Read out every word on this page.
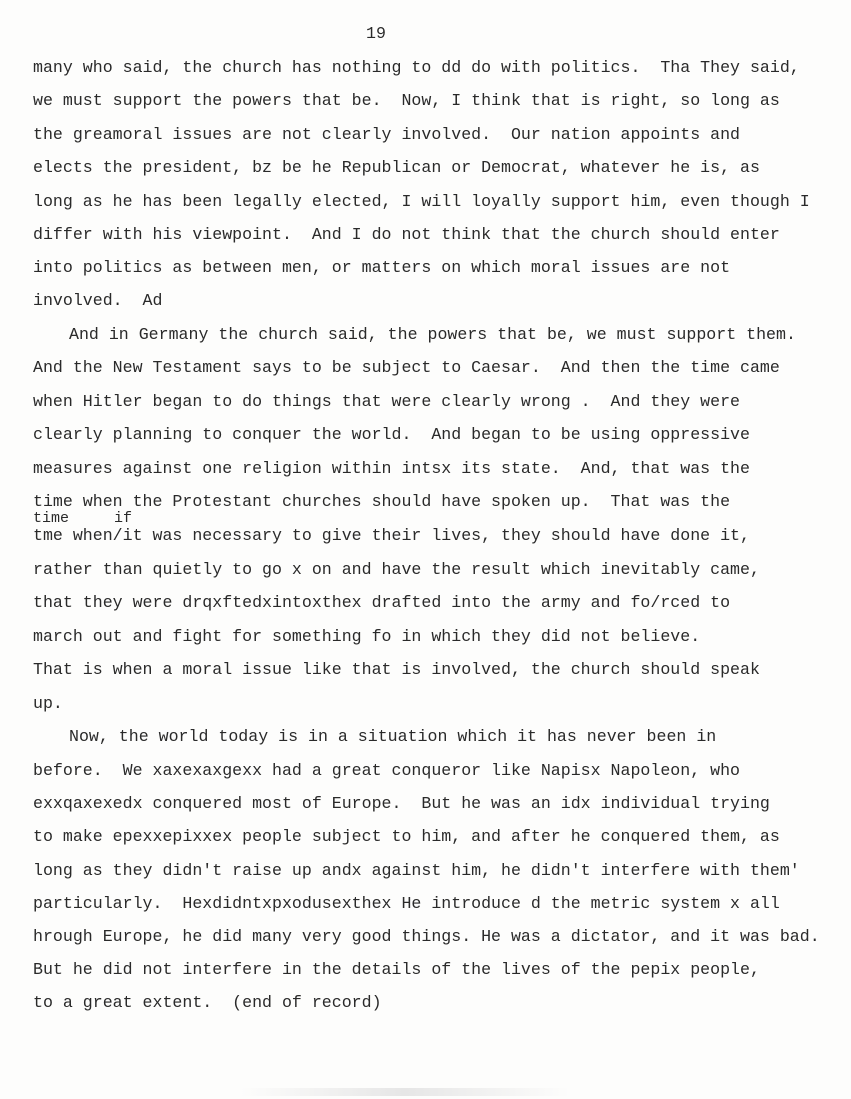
19
many who said, the church has nothing to dd do with politics.  Tha They said,
we must support the powers that be.  Now, I think that is right, so long as
the greamoral issues are not clearly involved.  Our nation appoints and
elects the president, bz be he Republican or Democrat, whatever he is, as
long as he has been legally elected, I will loyally support him, even though I
differ with his viewpoint.  And I do not think that the church should enter
into politics as between men, or matters on which moral issues are not
involved.  Ad
And in Germany the church said, the powers that be, we must support them.
And the New Testament says to be subject to Caesar.  And then the time came
when Hitler began to do things that were clearly wrong .  And they were
clearly planning to conquer the world.  And began to be using oppressive
measures against one religion within intsx its state.  And, that was the
time when the Protestant churches should have spoken up.  That was the
time     if
tme when/it was necessary to give their lives, they should have done it,
rather than quietly to go x on and have the result which inevitably came,
that they were drqxftedxintoxthex drafted into the army and fo/rced to
march out and fight for something fo in which they did not believe.
That is when a moral issue like that is involved, the church should speak
up.
Now, the world today is in a situation which it has never been in
before.  We xaxexaxgexx had a great conqueror like Napisx Napoleon, who
exxqaxexedx conquered most of Europe.  But he was an idx individual trying
to make epexxepixxex people subject to him, and after he conquered them, as
long as they didn't raise up andx against him, he didn't interfere with them'
particularly.  Hexdidntxpxodusexthex He introduce d the metric system x all
hrough Europe, he did many very good things. He was a dictator, and it was bad.
But he did not interfere in the details of the lives of the pepix people,
to a great extent.  (end of record)
